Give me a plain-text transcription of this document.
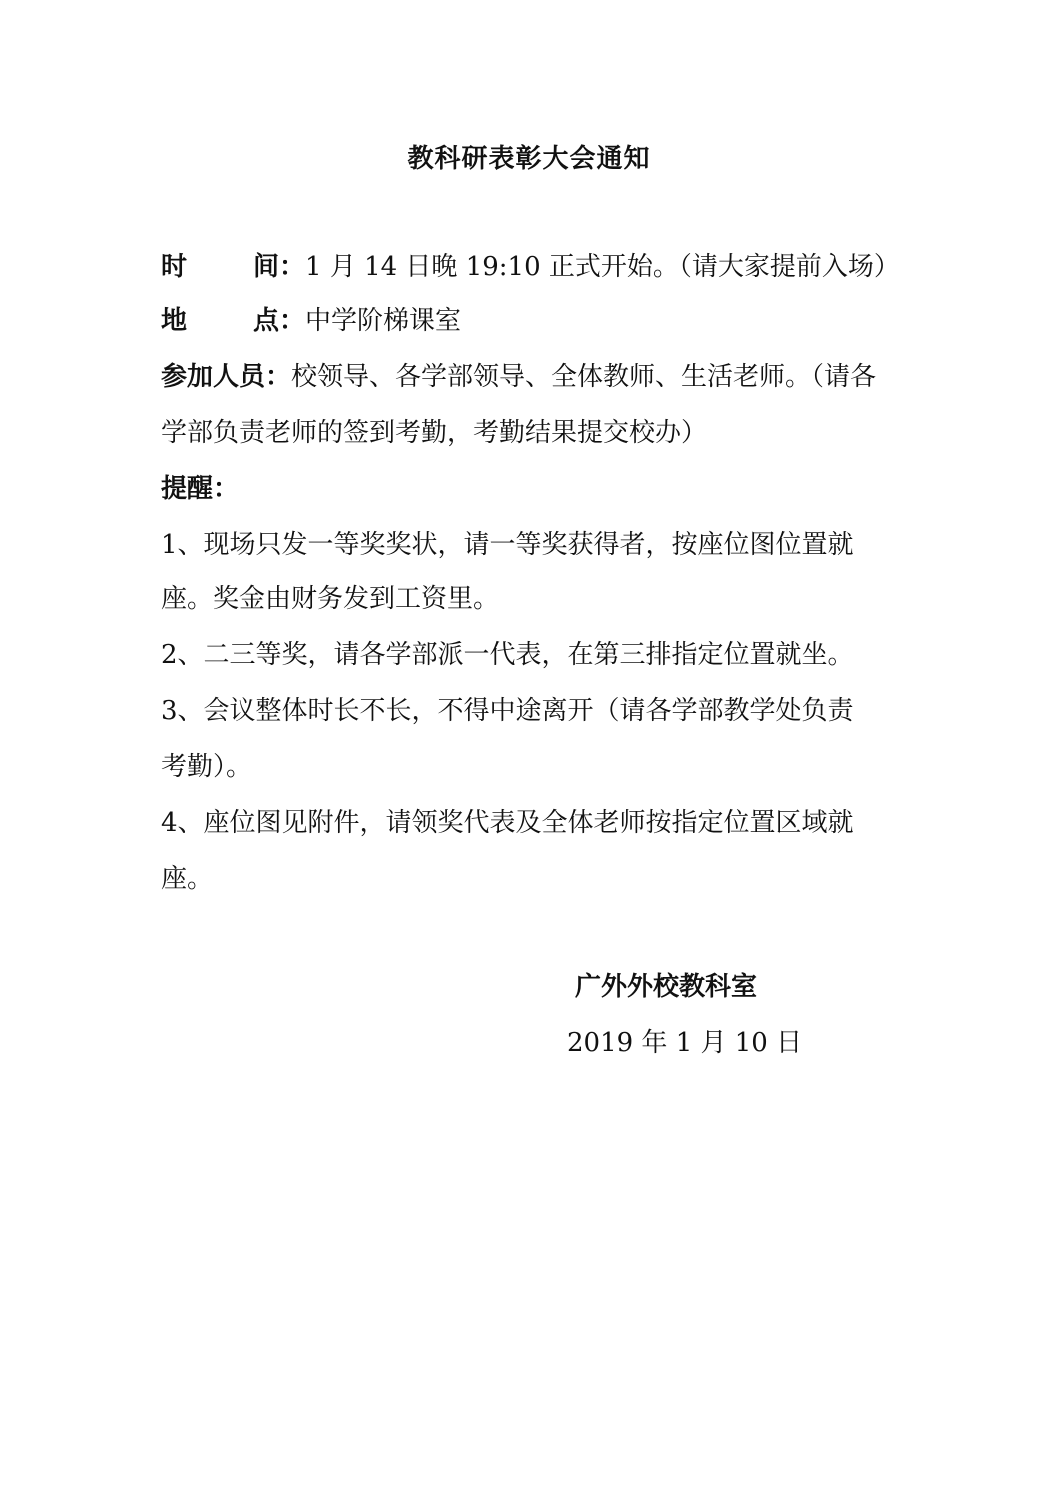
教科研表彰大会通知
时	间 ：1 月 14 日晚 19:10 正式开始。（请大家提前入场）
地	点 ：中学阶梯课室
参加人员：校领导、各学部领导、全体教师、生活老师。（请各
学部负责老师的签到考勤，考勤结果提交校办）
提醒：
1、现场只发一等奖奖状，请一等奖获得者，按座位图位置就
座。奖金由财务发到工资里。
2、二三等奖，请各学部派一代表，在第三排指定位置就坐。
3、会议整体时长不长，不得中途离开（请各学部教学处负责
考勤）。
4、座位图见附件，请领奖代表及全体老师按指定位置区域就
座。
广外外校教科室
2019 年 1 月 10 日
